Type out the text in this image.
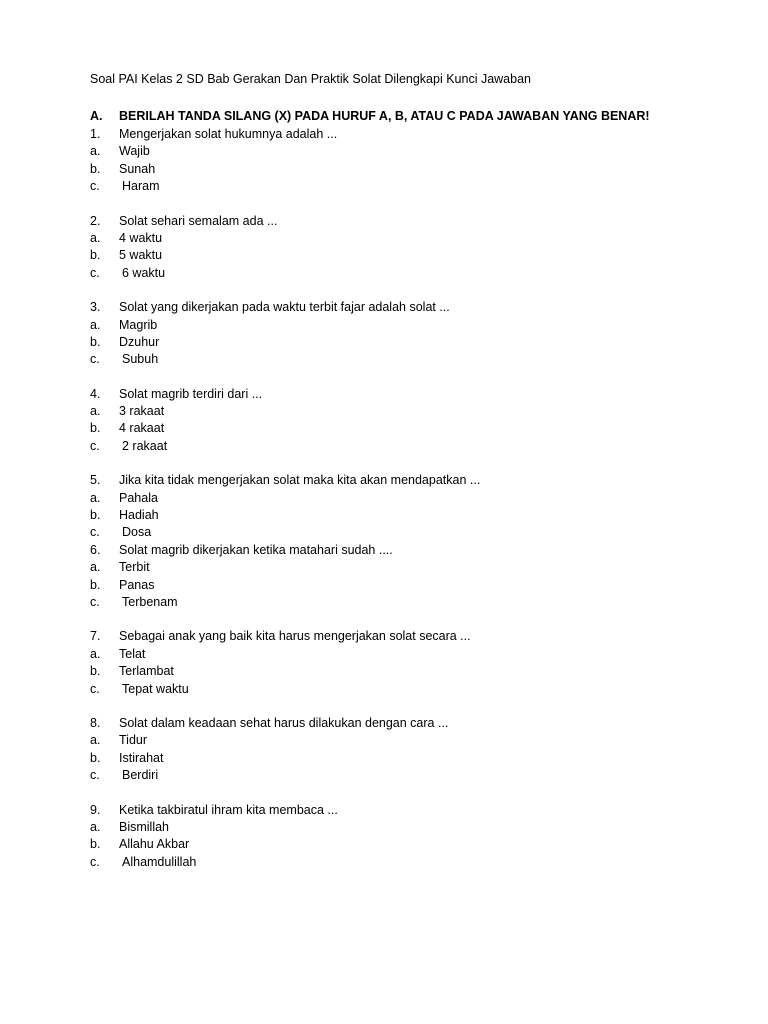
Soal PAI Kelas 2 SD Bab Gerakan Dan Praktik Solat Dilengkapi Kunci Jawaban
A. BERILAH TANDA SILANG (X) PADA HURUF A, B, ATAU C PADA JAWABAN YANG BENAR!
1. Mengerjakan solat hukumnya adalah ...
a. Wajib
b. Sunah
c. Haram
2. Solat sehari semalam ada ...
a. 4 waktu
b. 5 waktu
c. 6 waktu
3. Solat yang dikerjakan pada waktu terbit fajar adalah solat ...
a. Magrib
b. Dzuhur
c. Subuh
4. Solat magrib terdiri dari ...
a. 3 rakaat
b. 4 rakaat
c. 2 rakaat
5. Jika kita tidak mengerjakan solat maka kita akan mendapatkan ...
a. Pahala
b. Hadiah
c. Dosa
6. Solat magrib dikerjakan ketika matahari sudah ....
a. Terbit
b. Panas
c. Terbenam
7. Sebagai anak yang baik kita harus mengerjakan solat secara ...
a. Telat
b. Terlambat
c. Tepat waktu
8. Solat dalam keadaan sehat harus dilakukan dengan cara ...
a. Tidur
b. Istirahat
c. Berdiri
9. Ketika takbiratul ihram kita membaca ...
a. Bismillah
b. Allahu Akbar
c. Alhamdulillah
